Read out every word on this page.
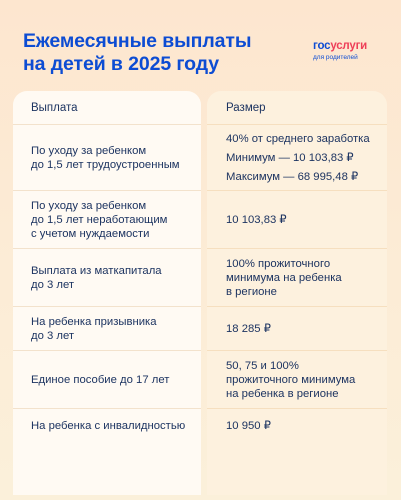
Ежемесячные выплаты
на детей в 2025 году
госуслуги
для родителей
Выплата	Размер
По уходу за ребенком
до 1,5 лет трудоустроенным
40% от среднего заработка
Минимум — 10 103,83 ₽
Максимум — 68 995,48 ₽
По уходу за ребенком
до 1,5 лет неработающим
с учетом нуждаемости
10 103,83 ₽
Выплата из маткапитала
до 3 лет
100% прожиточного
минимума на ребенка
в регионе
На ребенка призывника
до 3 лет
18 285 ₽
Единое пособие до 17 лет
50, 75 и 100%
прожиточного минимума
на ребенка в регионе
На ребенка с инвалидностью	10 950 ₽
